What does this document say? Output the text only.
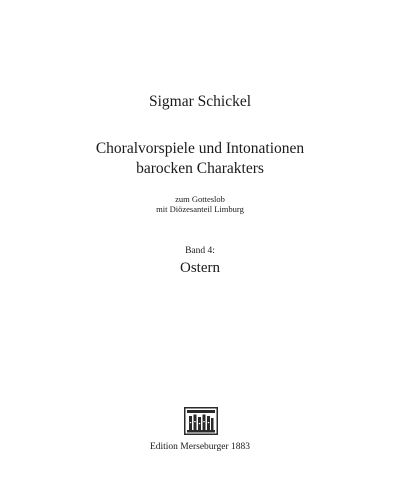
Sigmar Schickel
Choralvorspiele und Intonationen
barocken Charakters
zum Gotteslob
mit Diözesanteil Limburg
Band 4:
Ostern
Edition Merseburger 1883
